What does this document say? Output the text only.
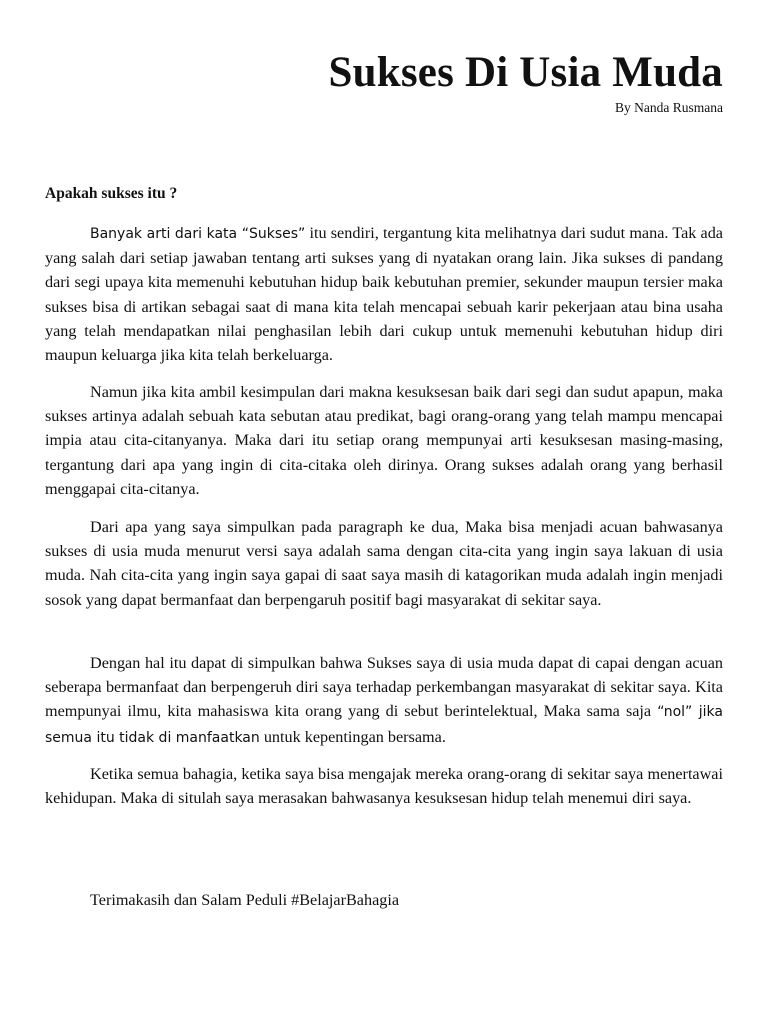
Sukses Di Usia Muda
By Nanda Rusmana
Apakah sukses itu ?

Banyak arti dari kata “Sukses” itu sendiri, tergantung kita melihatnya dari sudut mana. Tak ada yang salah dari setiap jawaban tentang arti sukses yang di nyatakan orang lain. Jika sukses di pandang dari segi upaya kita memenuhi kebutuhan hidup baik kebutuhan premier, sekunder maupun tersier maka sukses bisa di artikan sebagai saat di mana kita telah mencapai sebuah karir pekerjaan atau bina usaha yang telah mendapatkan nilai penghasilan lebih dari cukup untuk memenuhi kebutuhan hidup diri maupun keluarga jika kita telah berkeluarga.

Namun jika kita ambil kesimpulan dari makna kesuksesan baik dari segi dan sudut apapun, maka sukses artinya adalah sebuah kata sebutan atau predikat, bagi orang-orang yang telah mampu mencapai impia atau cita-citanyanya. Maka dari itu setiap orang mempunyai arti kesuksesan masing-masing, tergantung dari apa yang ingin di cita-citaka oleh dirinya. Orang sukses adalah orang yang berhasil menggapai cita-citanya.

Dari apa yang saya simpulkan pada paragraph ke dua, Maka bisa menjadi acuan bahwasanya sukses di usia muda menurut versi saya adalah sama dengan cita-cita yang ingin saya lakuan di usia muda. Nah cita-cita yang ingin saya gapai di saat saya masih di katagorikan muda adalah ingin menjadi sosok yang dapat bermanfaat dan berpengaruh positif bagi masyarakat di sekitar saya.

Dengan hal itu dapat di simpulkan bahwa Sukses saya di usia muda dapat di capai dengan acuan seberapa bermanfaat dan berpengeruh diri saya terhadap perkembangan masyarakat di sekitar saya. Kita mempunyai ilmu, kita mahasiswa kita orang yang di sebut berintelektual, Maka sama saja “nol” jika semua itu tidak di manfaatkan untuk kepentingan bersama.

Ketika semua bahagia, ketika saya bisa mengajak mereka orang-orang di sekitar saya menertawai kehidupan. Maka di situlah saya merasakan bahwasanya kesuksesan hidup telah menemui diri saya.

Terimakasih dan Salam Peduli #BelajarBahagia
